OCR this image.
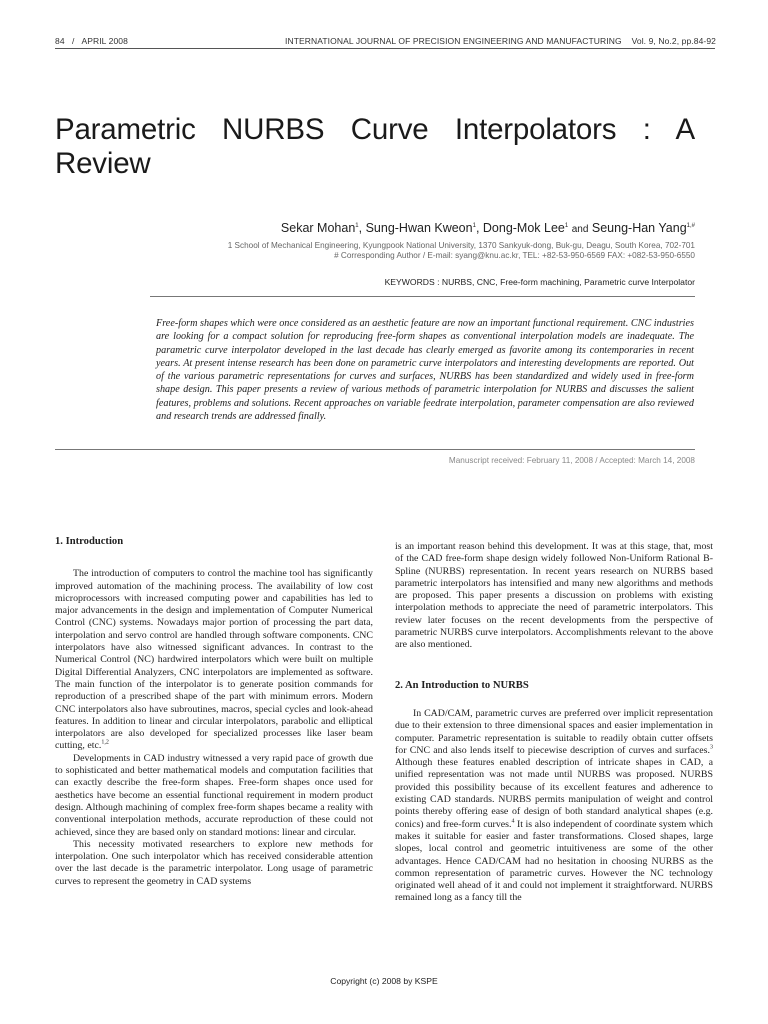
84 / APRIL 2008	INTERNATIONAL JOURNAL OF PRECISION ENGINEERING AND MANUFACTURING Vol. 9, No.2, pp.84-92
Parametric NURBS Curve Interpolators : A Review
Sekar Mohan$^1$, Sung-Hwan Kweon$^1$, Dong-Mok Lee$^1$ and Seung-Han Yang$^{1,\#}$
1 School of Mechanical Engineering, Kyungpook National University, 1370 Sankyuk-dong, Buk-gu, Deagu, South Korea, 702-701
# Corresponding Author / E-mail: syang@knu.ac.kr, TEL: +82-53-950-6569 FAX: +082-53-950-6550
KEYWORDS : NURBS, CNC, Free-form machining, Parametric curve Interpolator
Free-form shapes which were once considered as an aesthetic feature are now an important functional requirement. CNC industries are looking for a compact solution for reproducing free-form shapes as conventional interpolation models are inadequate. The parametric curve interpolator developed in the last decade has clearly emerged as favorite among its contemporaries in recent years. At present intense research has been done on parametric curve interpolators and interesting developments are reported. Out of the various parametric representations for curves and surfaces, NURBS has been standardized and widely used in free-form shape design. This paper presents a review of various methods of parametric interpolation for NURBS and discusses the salient features, problems and solutions. Recent approaches on variable feedrate interpolation, parameter compensation are also reviewed and research trends are addressed finally.
Manuscript received: February 11, 2008 / Accepted: March 14, 2008
1. Introduction

The introduction of computers to control the machine tool has significantly improved automation of the machining process. The availability of low cost microprocessors with increased computing power and capabilities has led to major advancements in the design and implementation of Computer Numerical Control (CNC) systems. Nowadays major portion of processing the part data, interpolation and servo control are handled through software components. CNC interpolators have also witnessed significant advances. In contrast to the Numerical Control (NC) hardwired interpolators which were built on multiple Digital Differential Analyzers, CNC interpolators are implemented as software. The main function of the interpolator is to generate position commands for reproduction of a prescribed shape of the part with minimum errors. Modern CNC interpolators also have subroutines, macros, special cycles and look-ahead features. In addition to linear and circular interpolators, parabolic and elliptical interpolators are also developed for specialized processes like laser beam cutting, etc.$^{1,2}$

Developments in CAD industry witnessed a very rapid pace of growth due to sophisticated and better mathematical models and computation facilities that can exactly describe the free-form shapes. Free-form shapes once used for aesthetics have become an essential functional requirement in modern product design. Although machining of complex free-form shapes became a reality with conventional interpolation methods, accurate reproduction of these could not achieved, since they are based only on standard motions: linear and circular.

This necessity motivated researchers to explore new methods for interpolation. One such interpolator which has received considerable attention over the last decade is the parametric interpolator. Long usage of parametric curves to represent the geometry in CAD systems

is an important reason behind this development. It was at this stage, that, most of the CAD free-form shape design widely followed Non-Uniform Rational B-Spline (NURBS) representation. In recent years research on NURBS based parametric interpolators has intensified and many new algorithms and methods are proposed. This paper presents a discussion on problems with existing interpolation methods to appreciate the need of parametric interpolators. This review later focuses on the recent developments from the perspective of parametric NURBS curve interpolators. Accomplishments relevant to the above are also mentioned.

2. An Introduction to NURBS

In CAD/CAM, parametric curves are preferred over implicit representation due to their extension to three dimensional spaces and easier implementation in computer. Parametric representation is suitable to readily obtain cutter offsets for CNC and also lends itself to piecewise description of curves and surfaces.$^3$ Although these features enabled description of intricate shapes in CAD, a unified representation was not made until NURBS was proposed. NURBS provided this possibility because of its excellent features and adherence to existing CAD standards. NURBS permits manipulation of weight and control points thereby offering ease of design of both standard analytical shapes (e.g. conics) and free-form curves.$^4$ It is also independent of coordinate system which makes it suitable for easier and faster transformations. Closed shapes, large slopes, local control and geometric intuitiveness are some of the other advantages. Hence CAD/CAM had no hesitation in choosing NURBS as the common representation of parametric curves. However the NC technology originated well ahead of it and could not implement it straightforward. NURBS remained long as a fancy till the

Copyright (c) 2008 by KSPE
